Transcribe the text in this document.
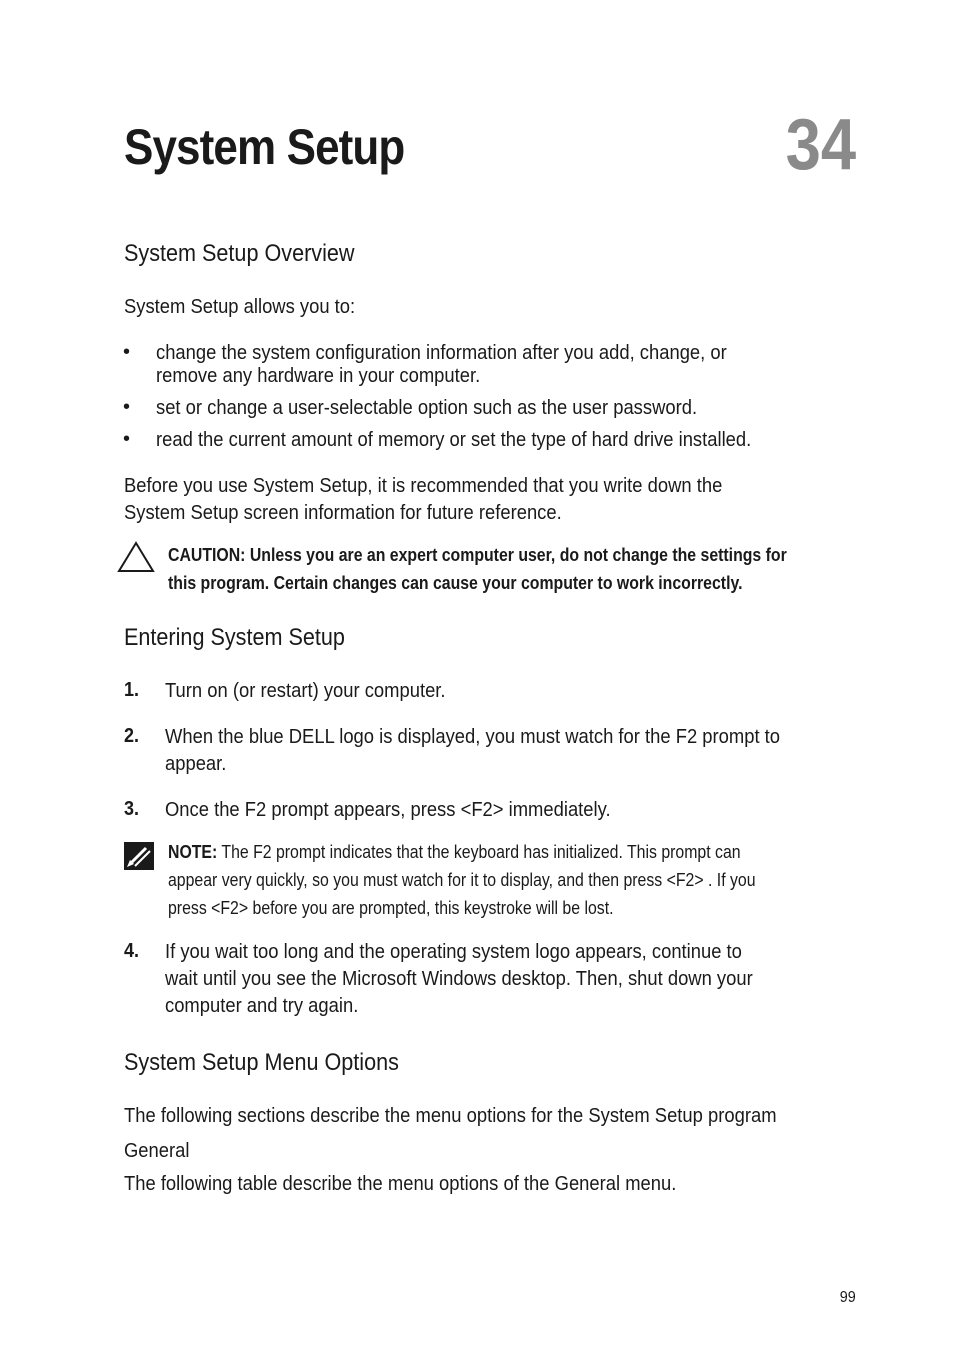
System Setup	34
System Setup Overview
System Setup allows you to:
• change the system configuration information after you add, change, or
remove any hardware in your computer.
• set or change a user-selectable option such as the user password.
• read the current amount of memory or set the type of hard drive installed.
Before you use System Setup, it is recommended that you write down the
System Setup screen information for future reference.
CAUTION: Unless you are an expert computer user, do not change the settings for
this program. Certain changes can cause your computer to work incorrectly.
Entering System Setup
1. Turn on (or restart) your computer.
2. When the blue DELL logo is displayed, you must watch for the F2 prompt to
appear.
3. Once the F2 prompt appears, press <F2> immediately.
NOTE: The F2 prompt indicates that the keyboard has initialized. This prompt can
appear very quickly, so you must watch for it to display, and then press <F2> . If you
press <F2> before you are prompted, this keystroke will be lost.
4. If you wait too long and the operating system logo appears, continue to
wait until you see the Microsoft Windows desktop. Then, shut down your
computer and try again.
System Setup Menu Options
The following sections describe the menu options for the System Setup program
General
The following table describe the menu options of the General menu.
99
